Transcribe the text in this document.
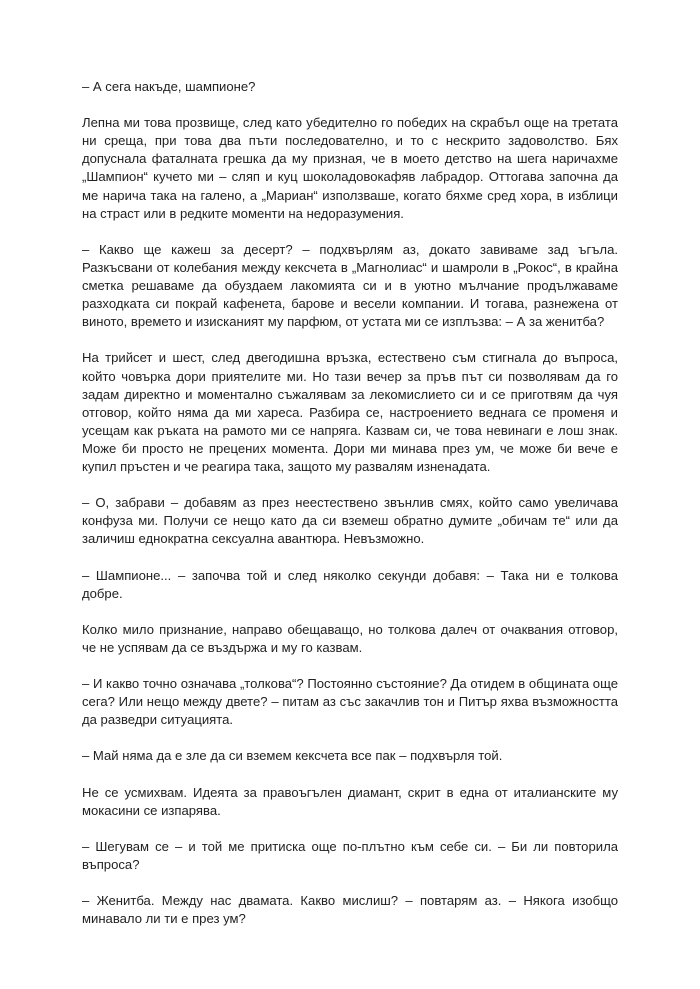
– А сега накъде, шампионе?

Лепна ми това прозвище, след като убедително го победих на скрабъл още на третата ни среща, при това два пъти последователно, и то с нескрито задоволство. Бях допуснала фаталната грешка да му призная, че в моето детство на шега наричахме „Шампион“ кучето ми – сляп и куц шоколадовокафяв лабрадор. Оттогава започна да ме нарича така на галено, а „Мариан“ използваше, когато бяхме сред хора, в изблици на страст или в редките моменти на недоразумения.

– Какво ще кажеш за десерт? – подхвърлям аз, докато завиваме зад ъгъла. Разкъсвани от колебания между кексчета в „Магнолиас“ и шамроли в „Рокос“, в крайна сметка решаваме да обуздаем лакомията си и в уютно мълчание продължаваме разходката си покрай кафенета, барове и весели компании. И тогава, разнежена от виното, времето и изисканият му парфюм, от устата ми се изплъзва: – А за женитба?

На трийсет и шест, след двегодишна връзка, естествено съм стигнала до въпроса, който човърка дори приятелите ми. Но тази вечер за пръв път си позволявам да го задам директно и моментално съжалявам за лекомислието си и се приготвям да чуя отговор, който няма да ми хареса. Разбира се, настроението веднага се променя и усещам как ръката на рамото ми се напряга. Казвам си, че това невинаги е лош знак. Може би просто не прецених момента. Дори ми минава през ум, че може би вече е купил пръстен и че реагира така, защото му развалям изненадата.

– О, забрави – добавям аз през неестествено звънлив смях, който само увеличава конфуза ми. Получи се нещо като да си вземеш обратно думите „обичам те“ или да заличиш еднократна сексуална авантюра. Невъзможно.

– Шампионе... – започва той и след няколко секунди добавя: – Така ни е толкова добре.

Колко мило признание, направо обещаващо, но толкова далеч от очаквания отговор, че не успявам да се въздържа и му го казвам.

– И какво точно означава „толкова“? Постоянно състояние? Да отидем в общината още сега? Или нещо между двете? – питам аз със закачлив тон и Питър яхва възможността да разведри ситуацията.

– Май няма да е зле да си вземем кексчета все пак – подхвърля той.

Не се усмихвам. Идеята за правоъгълен диамант, скрит в една от италианските му мокасини се изпарява.

– Шегувам се – и той ме притиска още по-плътно към себе си. – Би ли повторила въпроса?

– Женитба. Между нас двамата. Какво мислиш? – повтарям аз. – Някога изобщо минавало ли ти е през ум?
